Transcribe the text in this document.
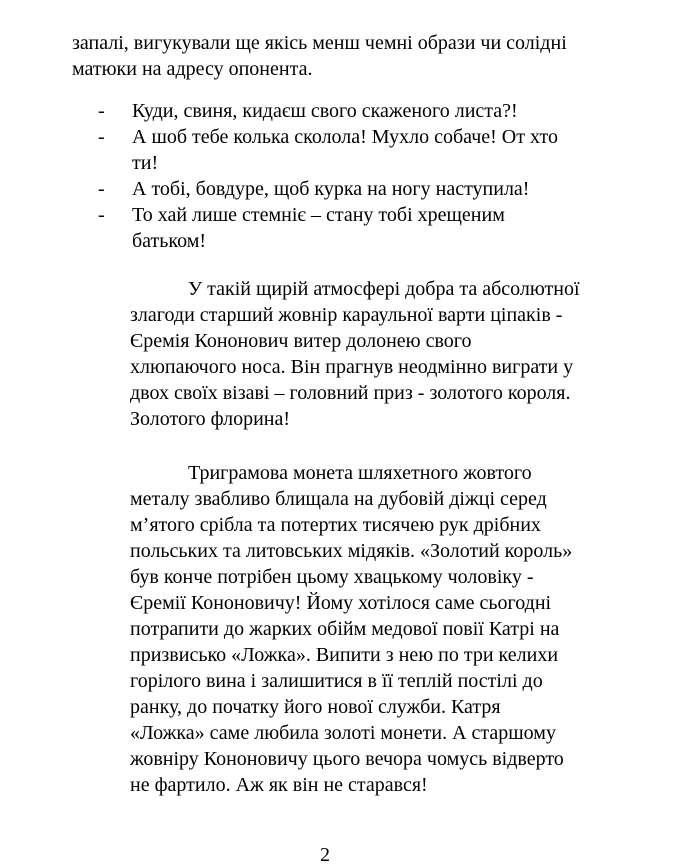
запалі, вигукували ще якісь менш чемні образи чи солідні
матюки на адресу опонента.
- Куди, свиня, кидаєш свого скаженого листа?!
- А шоб тебе колька сколола! Мухло собаче! От хто
ти!
- А тобі, бовдуре, щоб курка на ногу наступила!
- То хай лише стемніє – стану тобі хрещеним
батьком!
У такій щирій атмосфері добра та абсолютної
злагоди старший жовнір караульної варти ціпаків -
Єремія Кононович витер долонею свого
хлюпаючого носа. Він прагнув неодмінно виграти у
двох своїх візаві – головний приз - золотого короля.
Золотого флорина!
Триграмова монета шляхетного жовтого
металу звабливо блищала на дубовій діжці серед
м’ятого срібла та потертих тисячею рук дрібних
польських та литовських мідяків. «Золотий король»
був конче потрібен цьому хвацькому чоловіку -
Єремії Кононовичу! Йому хотілося саме сьогодні
потрапити до жарких обійм медової повії Катрі на
призвисько «Ложка». Випити з нею по три келихи
горілого вина і залишитися в її теплій постілі до
ранку, до початку його нової служби. Катря
«Ложка» саме любила золоті монети. А старшому
жовніру Кононовичу цього вечора чомусь відверто
не фартило. Аж як він не старався!
2
